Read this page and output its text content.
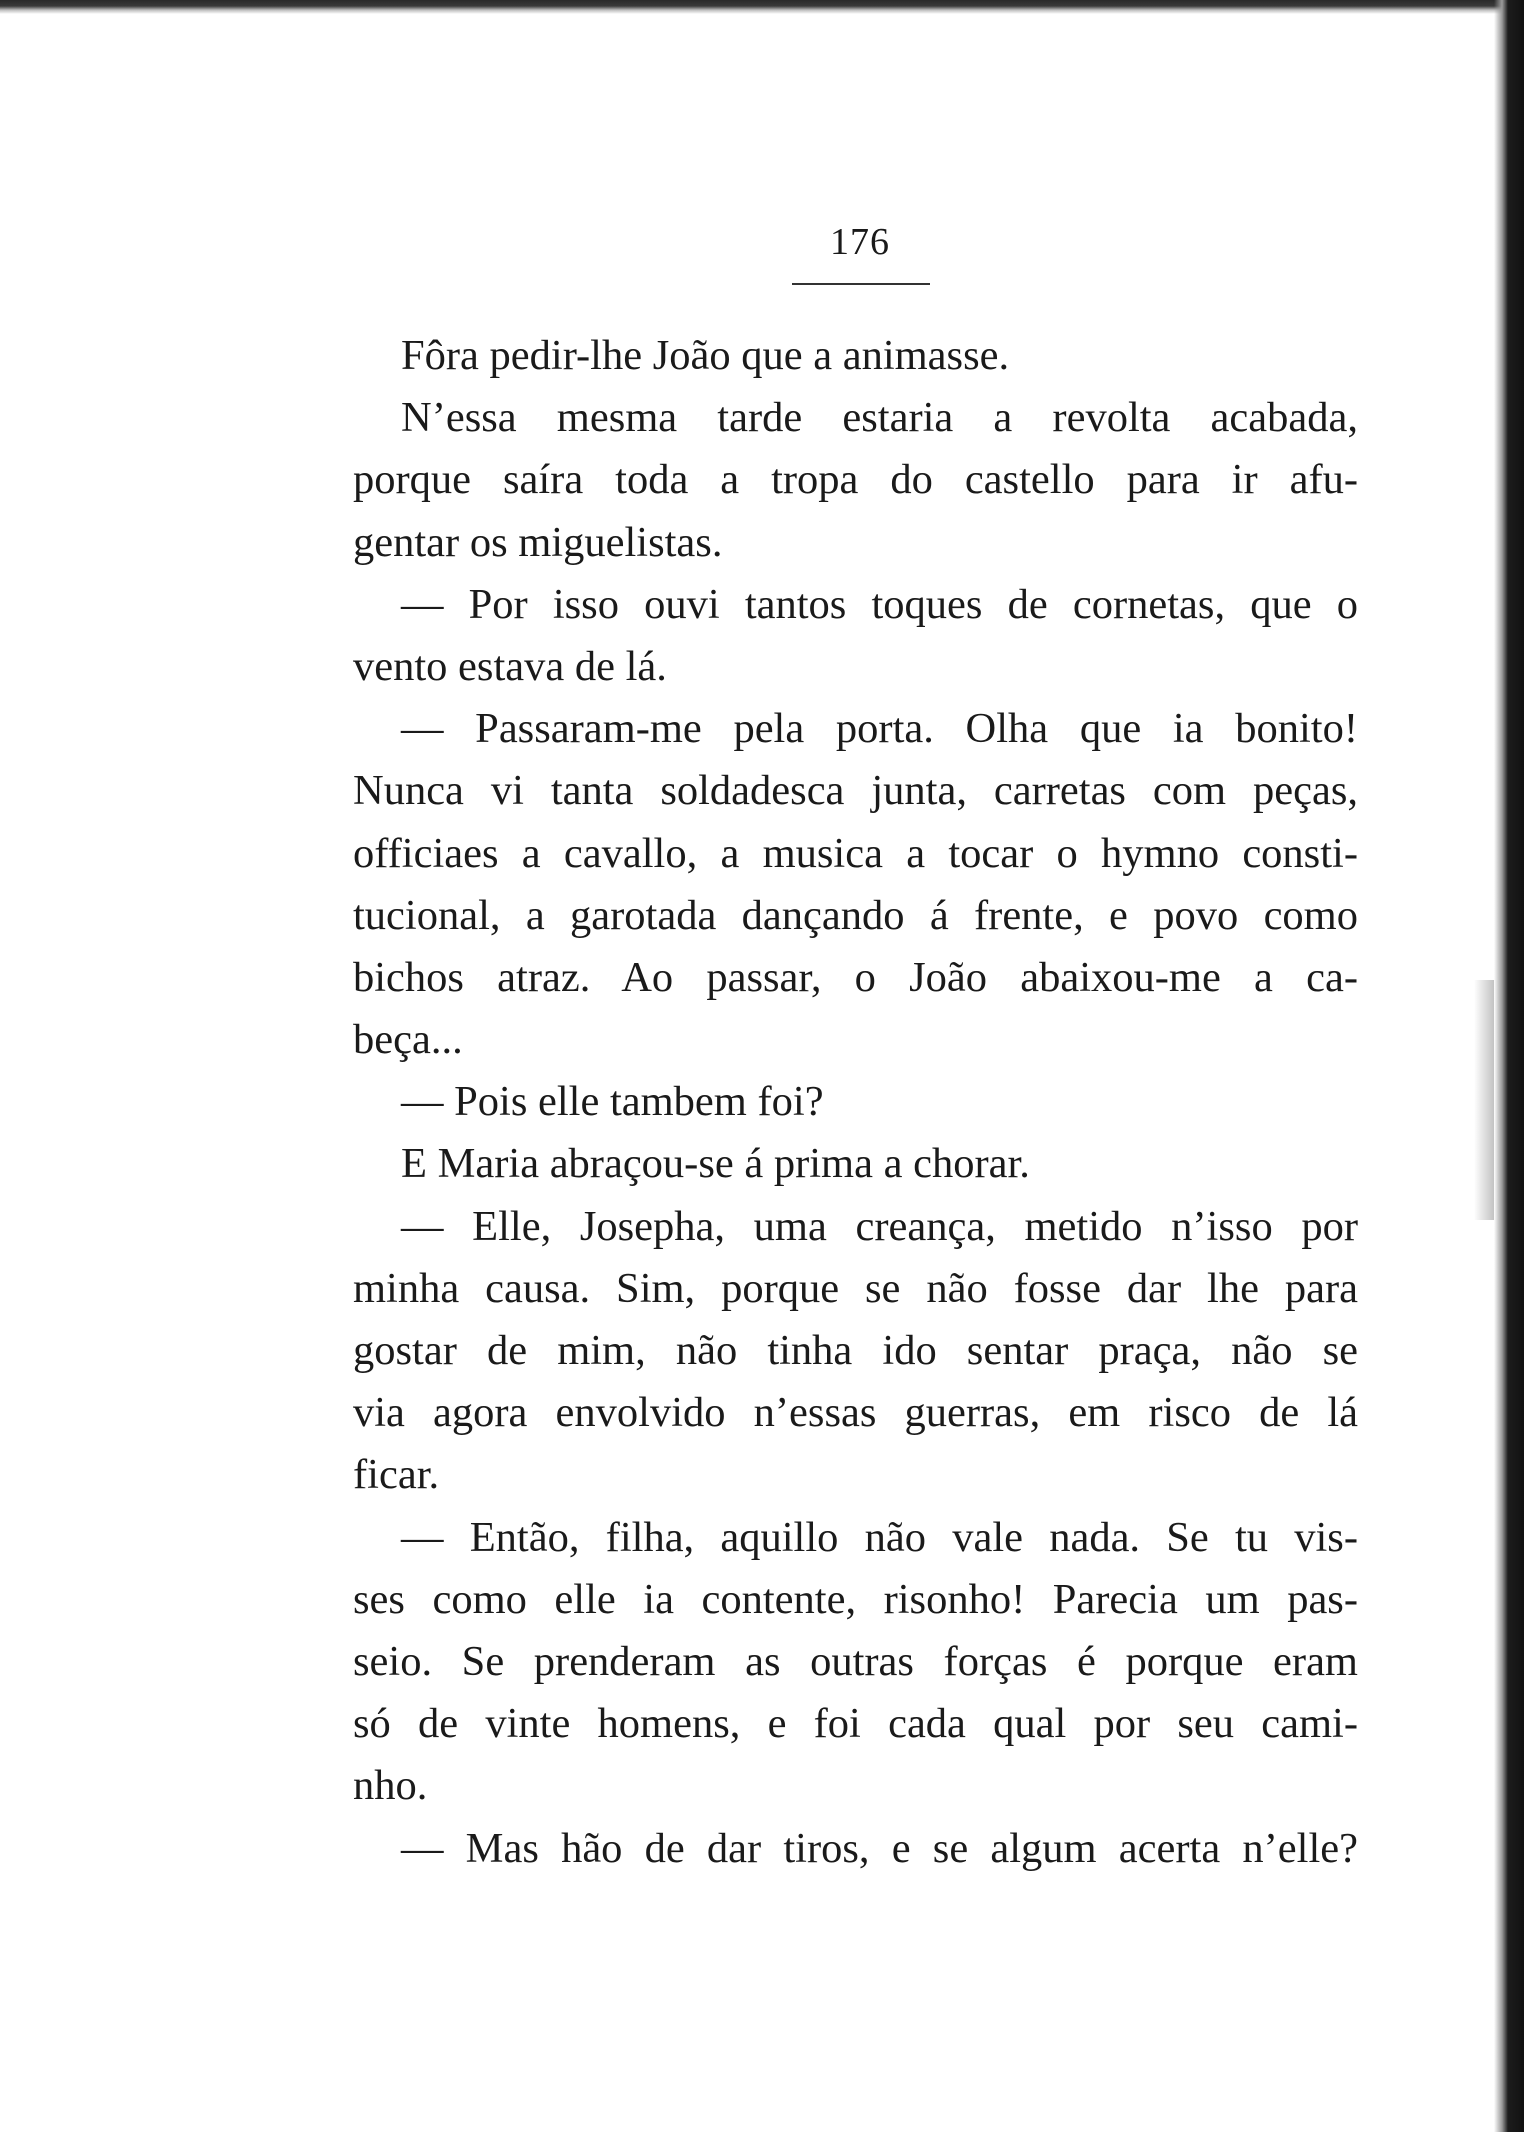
176
Fôra pedir-lhe João que a animasse.
N’essa mesma tarde estaria a revolta acabada,
porque saíra toda a tropa do castello para ir afu-
gentar os miguelistas.
— Por isso ouvi tantos toques de cornetas, que o
vento estava de lá.
— Passaram-me pela porta. Olha que ia bonito!
Nunca vi tanta soldadesca junta, carretas com peças,
officiaes a cavallo, a musica a tocar o hymno consti-
tucional, a garotada dançando á frente, e povo como
bichos atraz. Ao passar, o João abaixou-me a ca-
beça...
— Pois elle tambem foi?
E Maria abraçou-se á prima a chorar.
— Elle, Josepha, uma creança, metido n’isso por
minha causa. Sim, porque se não fosse dar lhe para
gostar de mim, não tinha ido sentar praça, não se
via agora envolvido n’essas guerras, em risco de lá
ficar.
— Então, filha, aquillo não vale nada. Se tu vis-
ses como elle ia contente, risonho! Parecia um pas-
seio. Se prenderam as outras forças é porque eram
só de vinte homens, e foi cada qual por seu cami-
nho.
— Mas hão de dar tiros, e se algum acerta n’elle?
